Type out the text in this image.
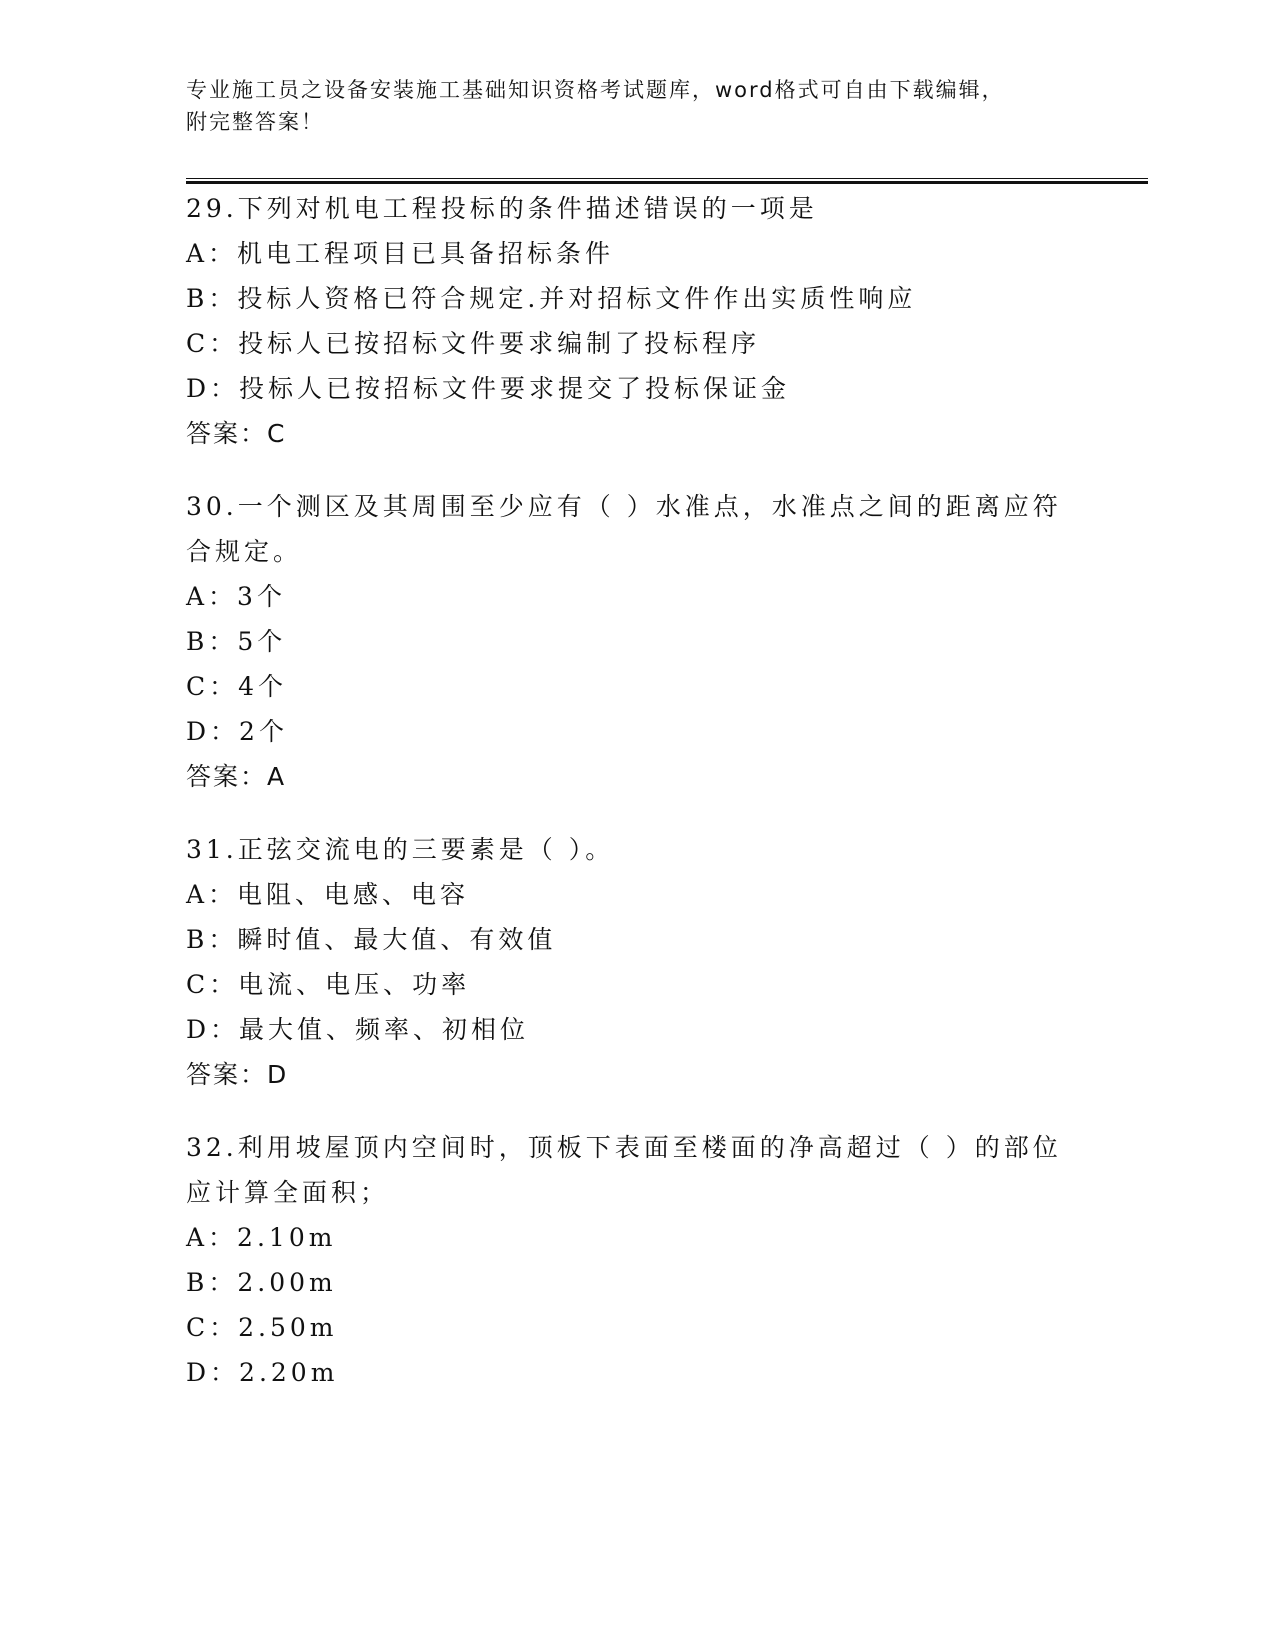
专业施工员之设备安装施工基础知识资格考试题库，word格式可自由下载编辑，
附完整答案！
29.下列对机电工程投标的条件描述错误的一项是
A：机电工程项目已具备招标条件
B：投标人资格已符合规定.并对招标文件作出实质性响应
C：投标人已按招标文件要求编制了投标程序
D：投标人已按招标文件要求提交了投标保证金
答案：C
30.一个测区及其周围至少应有（ ）水准点，水准点之间的距离应符合规定。
A：3个
B：5个
C：4个
D：2个
答案：A
31.正弦交流电的三要素是（ ）。
A：电阻、电感、电容
B：瞬时值、最大值、有效值
C：电流、电压、功率
D：最大值、频率、初相位
答案：D
32.利用坡屋顶内空间时，顶板下表面至楼面的净高超过（ ）的部位应计算全面积；
A：2.10m
B：2.00m
C：2.50m
D：2.20m
